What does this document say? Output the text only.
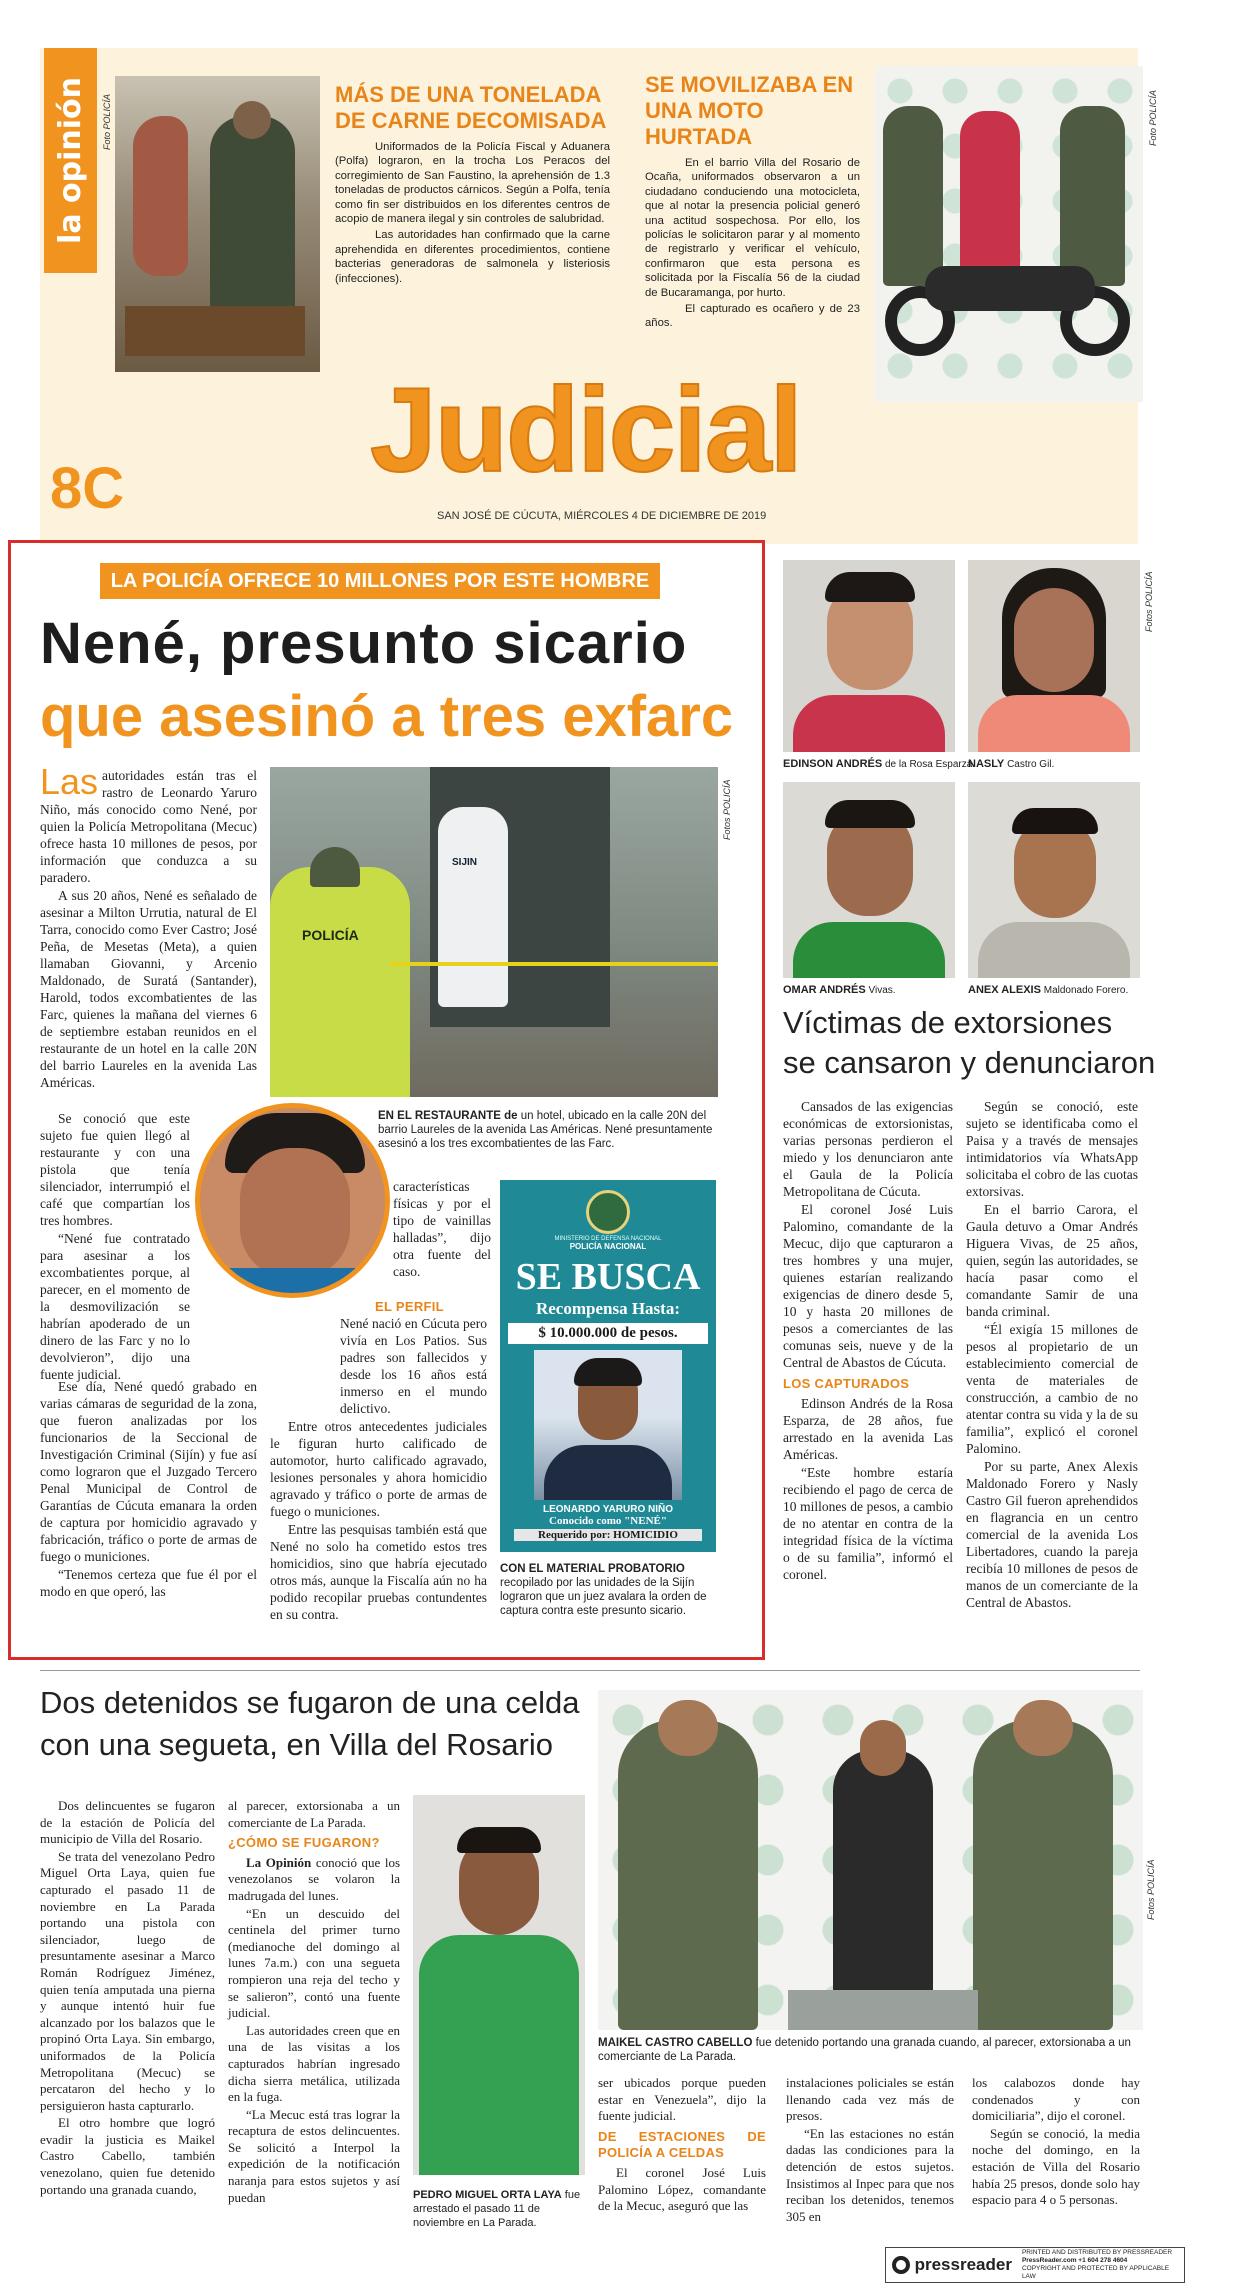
la opinión Foto POLICÍA	MÁS DE UNA TONELADA
DE CARNE DECOMISADA

Uniformados de la Policía Fiscal y Aduanera (Polfa) lograron, en la trocha Los Peracos del corregimiento de San Faustino, la aprehensión de 1.3 toneladas de productos cárnicos. Según a Polfa, tenía como fin ser distribuidos en los diferentes centros de acopio de manera ilegal y sin controles de salubridad.

Las autoridades han confirmado que la carne aprehendida en diferentes procedimientos, contiene bacterias generadoras de salmonela y listeriosis (infecciones).

SE MOVILIZABA EN
UNA MOTO HURTADA

En el barrio Villa del Rosario de Ocaña, uniformados observaron a un ciudadano conduciendo una motocicleta, que al notar la presencia policial generó una actitud sospechosa. Por ello, los policías le solicitaron parar y al momento de registrarlo y verificar el vehículo, confirmaron que esta persona es solicitada por la Fiscalía 56 de la ciudad de Bucaramanga, por hurto.

El capturado es ocañero y de 23 años.

Foto POLICÍA
Judicial
8C	SAN JOSÉ DE CÚCUTA, MIÉRCOLES 4 DE DICIEMBRE DE 2019
LA POLICÍA OFRECE 10 MILLONES POR ESTE HOMBRE
Nené, presunto sicario
que asesinó a tres exfarc

Las autoridades están tras el rastro de Leonardo Yaruro Niño, más conocido como Nené, por quien la Policía Metropolitana (Mecuc) ofrece hasta 10 millones de pesos, por información que conduzca a su paradero.

A sus 20 años, Nené es señalado de asesinar a Milton Urrutia, natural de El Tarra, conocido como Ever Castro; José Peña, de Mesetas (Meta), a quien llamaban Giovanni, y Arcenio Maldonado, de Suratá (Santander), Harold, todos excombatientes de las Farc, quienes la mañana del viernes 6 de septiembre estaban reunidos en el restaurante de un hotel en la calle 20N del barrio Laureles en la avenida Las Américas.

Se conoció que este sujeto fue quien llegó al restaurante y con una pistola que tenía silenciador, interrumpió el café que compartían los tres hombres.

“Nené fue contratado para asesinar a los excombatientes porque, al parecer, en el momento de la desmovilización se habrían apoderado de un dinero de las Farc y no lo devolvieron”, dijo una fuente judicial.

Ese día, Nené quedó grabado en varias cámaras de seguridad de la zona, que fueron analizadas por los funcionarios de la Seccional de Investigación Criminal (Sijín) y fue así como lograron que el Juzgado Tercero Penal Municipal de Control de Garantías de Cúcuta emanara la orden de captura por homicidio agravado y fabricación, tráfico o porte de armas de fuego o municiones.

“Tenemos certeza que fue él por el modo en que operó, las

SIJIN
POLICÍA
Fotos POLICÍA
EN EL RESTAURANTE de un hotel, ubicado en la calle 20N del barrio Laureles de la avenida Las Américas. Nené presuntamente asesinó a los tres excombatientes de las Farc.

características físicas y por el tipo de vainillas halladas”, dijo otra fuente del caso.

EL PERFIL

Nené nació en Cúcuta pero vivía en Los Patios. Sus padres son fallecidos y desde los 16 años está inmerso en el mundo delictivo.

Entre otros antecedentes judiciales le figuran hurto calificado de automotor, hurto calificado agravado, lesiones personales y ahora homicidio agravado y tráfico o porte de armas de fuego o municiones.

Entre las pesquisas también está que Nené no solo ha cometido estos tres homicidios, sino que habría ejecutado otros más, aunque la Fiscalía aún no ha podido recopilar pruebas contundentes en su contra.

MINISTERIO DE DEFENSA NACIONAL
POLICÍA NACIONAL
SE BUSCA
Recompensa Hasta:
$ 10.000.000 de pesos.
LEONARDO YARURO NIÑO
Conocido como "NENÉ"
Requerido por: HOMICIDIO
CON EL MATERIAL PROBATORIO recopilado por las unidades de la Sijín lograron que un juez avalara la orden de captura contra este presunto sicario.
EDINSON ANDRÉS de la Rosa Esparza.
NASLY Castro Gil.
Fotos POLICÍA
OMAR ANDRÉS Vivas.	ANEX ALEXIS Maldonado Forero.
Víctimas de extorsiones
se cansaron y denunciaron

Cansados de las exigencias económicas de extorsionistas, varias personas perdieron el miedo y los denunciaron ante el Gaula de la Policía Metropolitana de Cúcuta.

El coronel José Luis Palomino, comandante de la Mecuc, dijo que capturaron a tres hombres y una mujer, quienes estarían realizando exigencias de dinero desde 5, 10 y hasta 20 millones de pesos a comerciantes de las comunas seis, nueve y de la Central de Abastos de Cúcuta.

LOS CAPTURADOS

Edinson Andrés de la Rosa Esparza, de 28 años, fue arrestado en la avenida Las Américas.

“Este hombre estaría recibiendo el pago de cerca de 10 millones de pesos, a cambio de no atentar en contra de la integridad física de la víctima o de su familia”, informó el coronel.

Según se conoció, este sujeto se identificaba como el Paisa y a través de mensajes intimidatorios vía WhatsApp solicitaba el cobro de las cuotas extorsivas.

En el barrio Carora, el Gaula detuvo a Omar Andrés Higuera Vivas, de 25 años, quien, según las autoridades, se hacía pasar como el comandante Samir de una banda criminal.

“Él exigía 15 millones de pesos al propietario de un establecimiento comercial de venta de materiales de construcción, a cambio de no atentar contra su vida y la de su familia”, explicó el coronel Palomino.

Por su parte, Anex Alexis Maldonado Forero y Nasly Castro Gil fueron aprehendidos en flagrancia en un centro comercial de la avenida Los Libertadores, cuando la pareja recibía 10 millones de pesos de manos de un comerciante de la Central de Abastos.

Dos detenidos se fugaron de una celda
con una segueta, en Villa del Rosario

Dos delincuentes se fugaron de la estación de Policía del municipio de Villa del Rosario.

Se trata del venezolano Pedro Miguel Orta Laya, quien fue capturado el pasado 11 de noviembre en La Parada portando una pistola con silenciador, luego de presuntamente asesinar a Marco Román Rodríguez Jiménez, quien tenía amputada una pierna y aunque intentó huir fue alcanzado por los balazos que le propinó Orta Laya. Sin embargo, uniformados de la Policía Metropolitana (Mecuc) se percataron del hecho y lo persiguieron hasta capturarlo.

El otro hombre que logró evadir la justicia es Maikel Castro Cabello, también venezolano, quien fue detenido portando una granada cuando,

al parecer, extorsionaba a un comerciante de La Parada.

¿CÓMO SE FUGARON?

La Opinión conoció que los venezolanos se volaron la madrugada del lunes.

“En un descuido del centinela del primer turno (medianoche del domingo al lunes 7a.m.) con una segueta rompieron una reja del techo y se salieron”, contó una fuente judicial.

Las autoridades creen que en una de las visitas a los capturados habrían ingresado dicha sierra metálica, utilizada en la fuga.

“La Mecuc está tras lograr la recaptura de estos delincuentes. Se solicitó a Interpol la expedición de la notificación naranja para estos sujetos y así puedan	PEDRO MIGUEL ORTA LAYA fue arrestado el pasado 11 de noviembre en La Parada.
Fotos POLICÍA
MAIKEL CASTRO CABELLO fue detenido portando una granada cuando, al parecer, extorsionaba a un comerciante de La Parada.

ser ubicados porque pueden estar en Venezuela”, dijo la fuente judicial.

DE ESTACIONES DE POLICÍA A CELDAS

El coronel José Luis Palomino López, comandante de la Mecuc, aseguró que las

instalaciones policiales se están llenando cada vez más de presos.

“En las estaciones no están dadas las condiciones para la detención de estos sujetos. Insistimos al Inpec para que nos reciban los detenidos, tenemos 305 en

los calabozos donde hay condenados y con domiciliaria”, dijo el coronel.

Según se conoció, la media noche del domingo, en la estación de Villa del Rosario había 25 presos, donde solo hay espacio para 4 o 5 personas.

pressreader
PRINTED AND DISTRIBUTED BY PRESSREADER
PressReader.com +1 604 278 4604
COPYRIGHT AND PROTECTED BY APPLICABLE LAW
